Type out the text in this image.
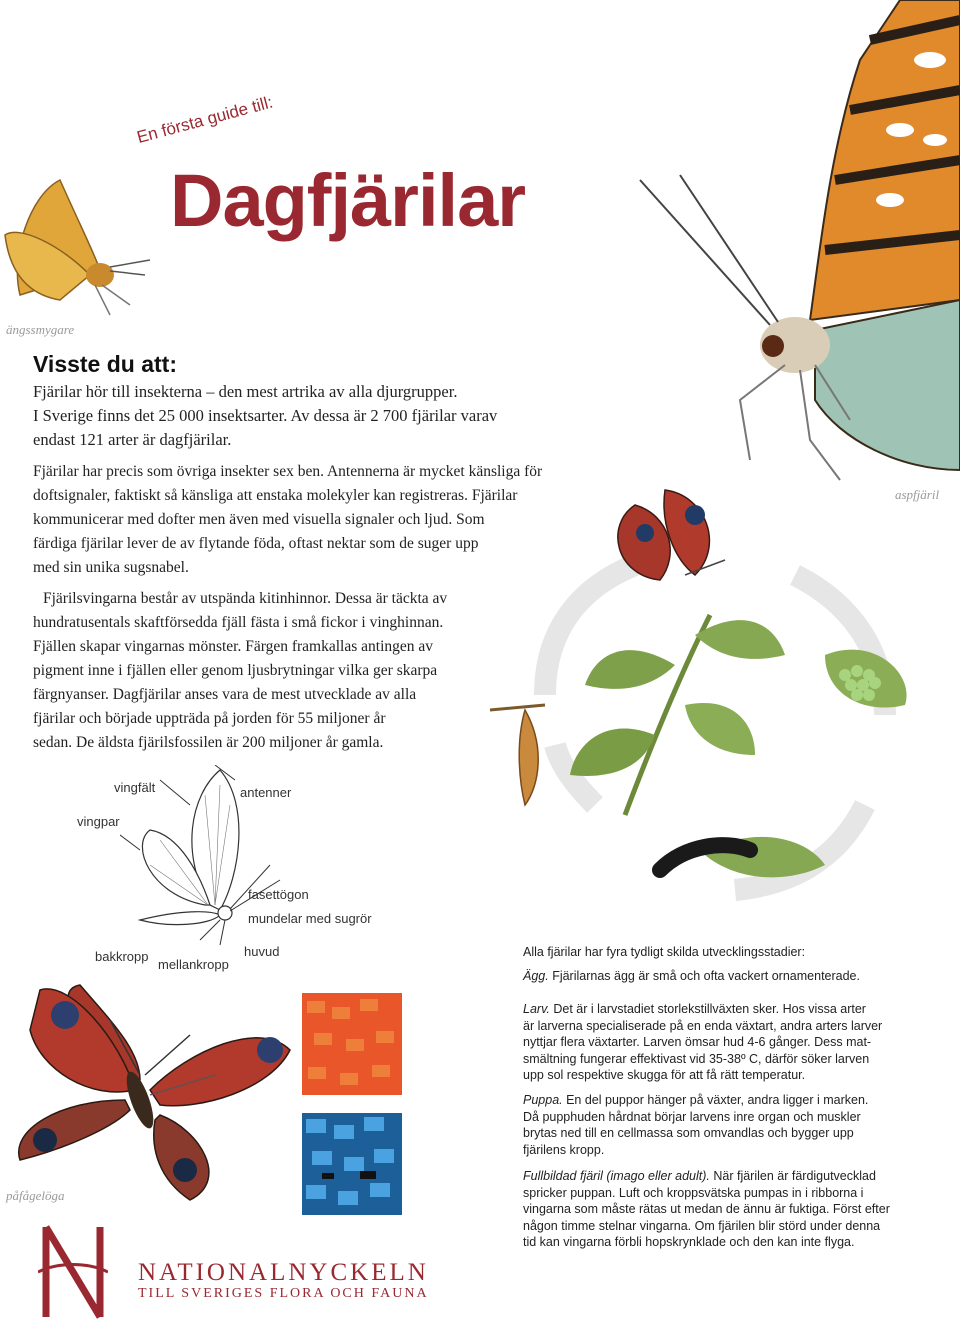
ängssmygare
En första guide till:
Dagfjärilar
Visste du att:
Fjärilar hör till insekterna – den mest artrika av alla djurgrupper.
I Sverige finns det 25 000 insektsarter. Av dessa är 2 700 fjärilar varav
endast 121 arter är dagfjärilar.
Fjärilar har precis som övriga insekter sex ben. Antennerna är mycket känsliga för
doftsignaler, faktiskt så känsliga att enstaka molekyler kan registreras. Fjärilar
kommunicerar med dofter men även med visuella signaler och ljud. Som
färdiga fjärilar lever de av flytande föda, oftast nektar som de suger upp
med sin unika sugsnabel.
Fjärilsvingarna består av utspända kitinhinnor. Dessa är täckta av
hundratusentals skaftförsedda fjäll fästa i små fickor i vinghinnan.
Fjällen skapar vingarnas mönster. Färgen framkallas antingen av
pigment inne i fjällen eller genom ljusbrytningar vilka ger skarpa
färgnyanser. Dagfjärilar anses vara de mest utvecklade av alla
fjärilar och började uppträda på jorden för 55 miljoner år
sedan. De äldsta fjärilsfossilen är 200 miljoner år gamla.
aspfjäril
vingfält
vingpar
antenner
fasettögon
mundelar med sugrör
bakkropp
mellankropp
huvud
påfågelöga
Alla fjärilar har fyra tydligt skilda utvecklingsstadier:
Ägg. Fjärilarnas ägg är små och ofta vackert ornamenterade.
Larv. Det är i larvstadiet storlekstillväxten sker. Hos vissa arter
är larverna specialiserade på en enda växtart, andra arters larver
nyttjar flera växtarter. Larven ömsar hud 4-6 gånger. Dess mat-
smältning fungerar effektivast vid 35-38º C, därför söker larven
upp sol respektive skugga för att få rätt temperatur.
Puppa. En del puppor hänger på växter, andra ligger i marken.
Då pupphuden hårdnat börjar larvens inre organ och muskler
brytas ned till en cellmassa som omvandlas och bygger upp
fjärilens kropp.
Fullbildad fjäril (imago eller adult). När fjärilen är färdigutvecklad
spricker puppan. Luft och kroppsvätska pumpas in i ribborna i
vingarna som måste rätas ut medan de ännu är fuktiga. Först efter
någon timme stelnar vingarna. Om fjärilen blir störd under denna
tid kan vingarna förbli hopskrynklade och den kan inte flyga.
NATIONALNYCKELN
TILL SVERIGES FLORA OCH FAUNA
